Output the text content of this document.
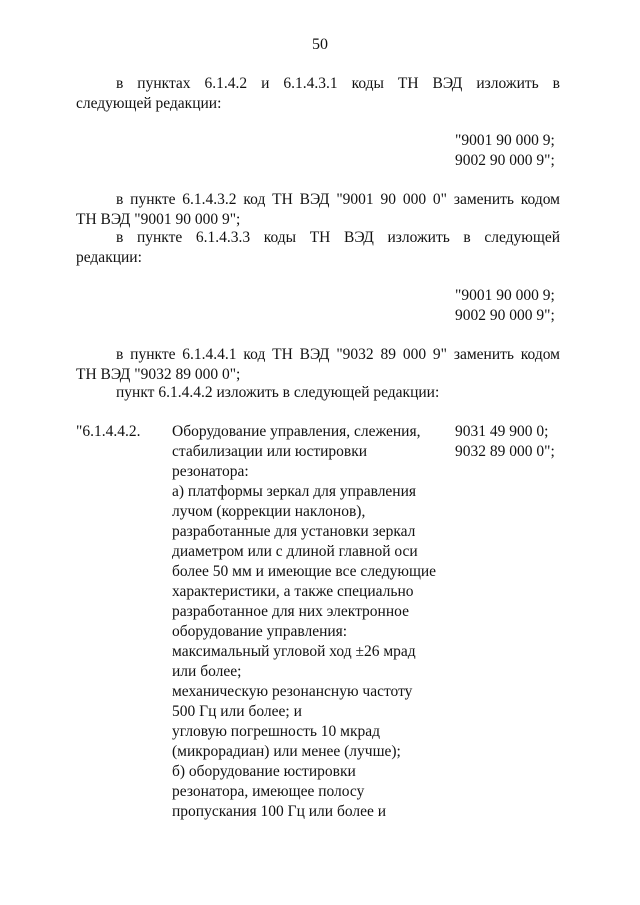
50
в пунктах 6.1.4.2 и 6.1.4.3.1 коды ТН ВЭД изложить в
следующей редакции:
"9001 90 000 9;
9002 90 000 9";
в пункте 6.1.4.3.2 код ТН ВЭД "9001 90 000 0" заменить кодом
ТН ВЭД "9001 90 000 9";
в пункте 6.1.4.3.3 коды ТН ВЭД изложить в следующей
редакции:
"9001 90 000 9;
9002 90 000 9";
в пункте 6.1.4.4.1 код ТН ВЭД "9032 89 000 9" заменить кодом
ТН ВЭД "9032 89 000 0";
пункт 6.1.4.4.2 изложить в следующей редакции:
"6.1.4.4.2. Оборудование управления, слежения,
стабилизации или юстировки
резонатора:
а) платформы зеркал для управления
лучом (коррекции наклонов),
разработанные для установки зеркал
диаметром или с длиной главной оси
более 50 мм и имеющие все следующие
характеристики, а также специально
разработанное для них электронное
оборудование управления:
максимальный угловой ход ±26 мрад
или более;
механическую резонансную частоту
500 Гц или более; и
угловую погрешность 10 мкрад
(микрорадиан) или менее (лучше);
б) оборудование юстировки
резонатора, имеющее полосу
пропускания 100 Гц или более и
9031 49 900 0;
9032 89 000 0";
